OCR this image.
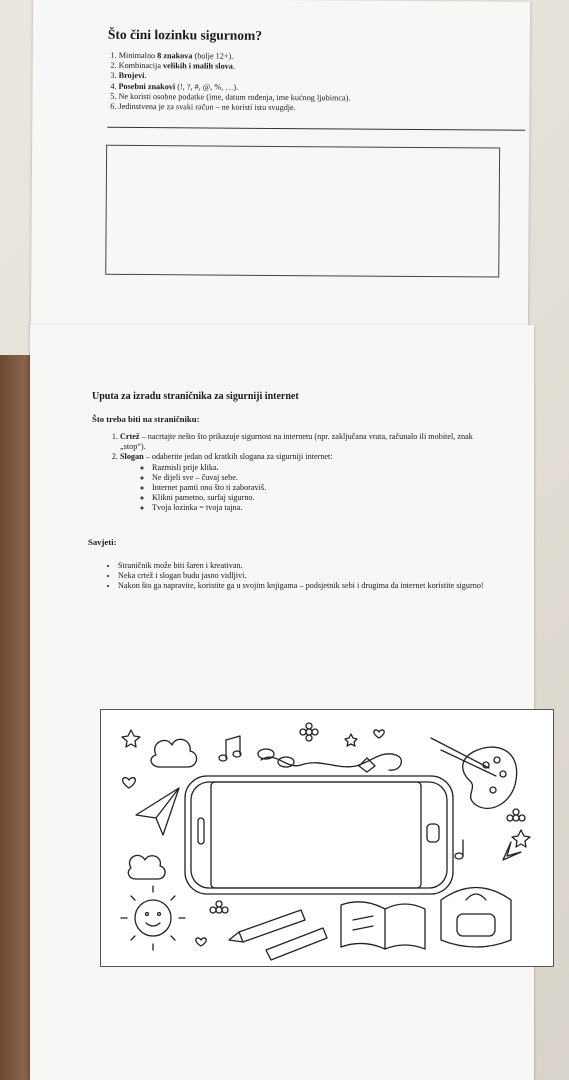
Što čini lozinku sigurnom?
1. Minimalno 8 znakova (bolje 12+).
2. Kombinacija velikih i malih slova.
3. Brojevi.
4. Posebni znakovi (!, ?, #, @, %, …).
5. Ne koristi osobne podatke (ime, datum rođenja, ime kućnog ljubimca).
6. Jedinstvena je za svaki račun – ne koristi istu svugdje.
Uputa za izradu straničnika za sigurniji internet
Što treba biti na straničniku:
1. Crtež – nacrtajte nešto što prikazuje sigurnost na internetu (npr. zaključana vrata, računalo ili mobitel, znak „stop“).
2. Slogan – odaberite jedan od kratkih slogana za sigurniji internet:
◦ Razmisli prije klika.
◦ Ne dijeli sve – čuvaj sebe.
◦ Internet pamti ono što ti zaboraviš.
◦ Klikni pametno, surfaj sigurno.
◦ Tvoja lozinka = tvoja tajna.
Savjeti:
• Straničnik može biti šaren i kreativan.
• Neka crtež i slogan budu jasno vidljivi.
• Nakon što ga napravite, koristite ga u svojim knjigama – podsjetnik sebi i drugima da internet koristite sigurno!
